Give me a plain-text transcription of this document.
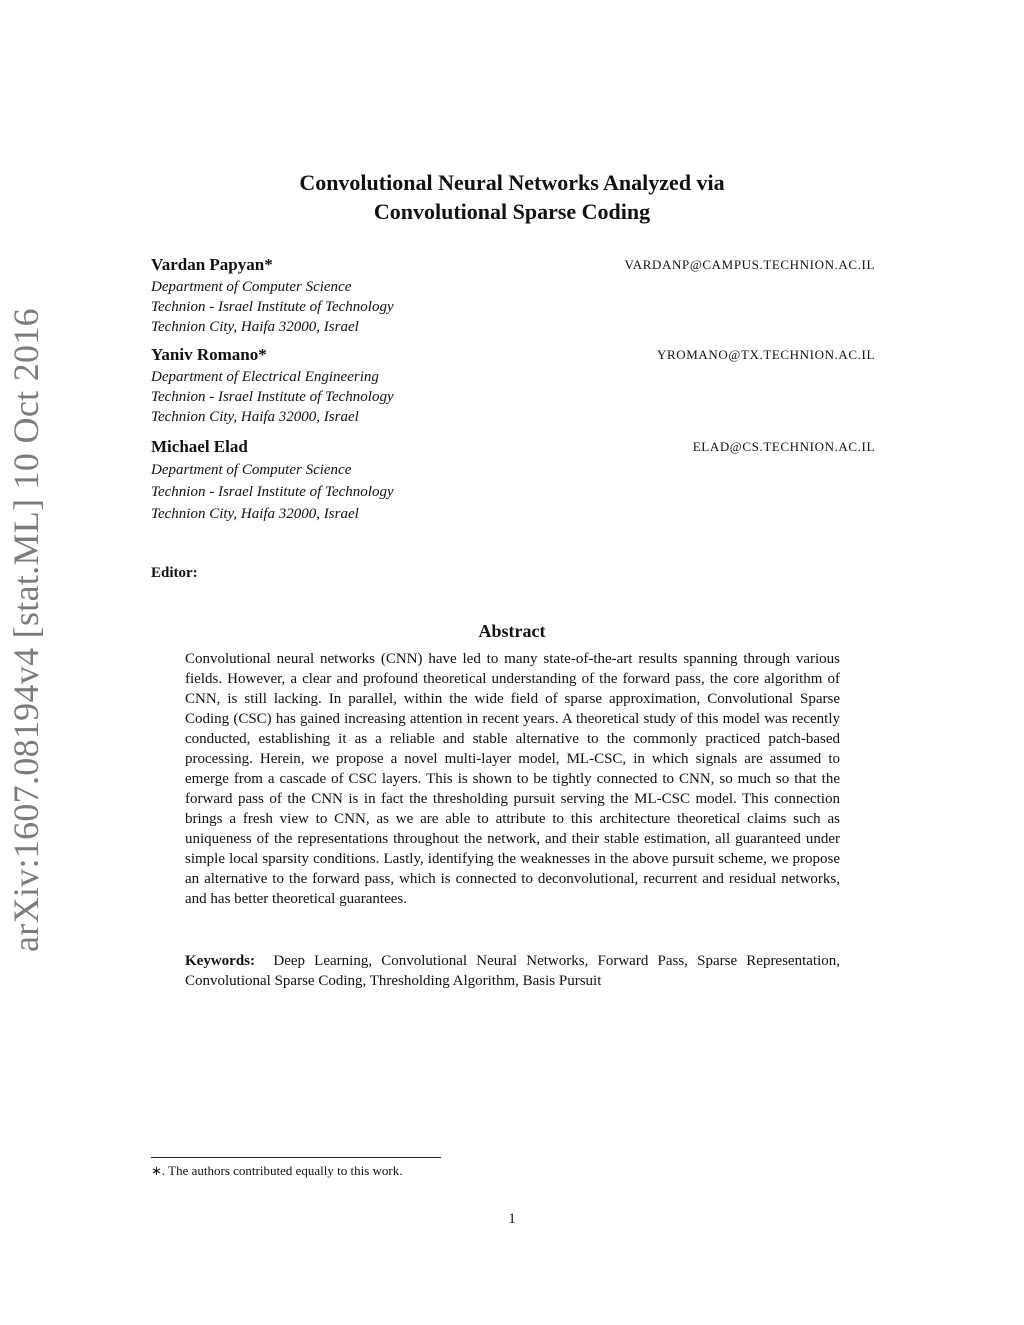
arXiv:1607.08194v4 [stat.ML] 10 Oct 2016
Convolutional Neural Networks Analyzed via
Convolutional Sparse Coding
Vardan Papyan*	VARDANP@CAMPUS.TECHNION.AC.IL
Department of Computer Science
Technion - Israel Institute of Technology
Technion City, Haifa 32000, Israel
Yaniv Romano*	YROMANO@TX.TECHNION.AC.IL
Department of Electrical Engineering
Technion - Israel Institute of Technology
Technion City, Haifa 32000, Israel
Michael Elad	ELAD@CS.TECHNION.AC.IL
Department of Computer Science
Technion - Israel Institute of Technology
Technion City, Haifa 32000, Israel
Editor:
Abstract
Convolutional neural networks (CNN) have led to many state-of-the-art results spanning through various fields. However, a clear and profound theoretical understanding of the forward pass, the core algorithm of CNN, is still lacking. In parallel, within the wide field of sparse approximation, Convolutional Sparse Coding (CSC) has gained increasing attention in recent years. A theoretical study of this model was recently conducted, establishing it as a reliable and stable alternative to the commonly practiced patch-based processing. Herein, we propose a novel multi-layer model, ML-CSC, in which signals are assumed to emerge from a cascade of CSC layers. This is shown to be tightly connected to CNN, so much so that the forward pass of the CNN is in fact the thresholding pursuit serving the ML-CSC model. This connection brings a fresh view to CNN, as we are able to attribute to this architecture theoretical claims such as uniqueness of the representations throughout the network, and their stable estimation, all guaranteed under simple local sparsity conditions. Lastly, identifying the weaknesses in the above pursuit scheme, we propose an alternative to the forward pass, which is connected to deconvolutional, recurrent and residual networks, and has better theoretical guarantees.
Keywords: Deep Learning, Convolutional Neural Networks, Forward Pass, Sparse Representation, Convolutional Sparse Coding, Thresholding Algorithm, Basis Pursuit
∗. The authors contributed equally to this work.
1
